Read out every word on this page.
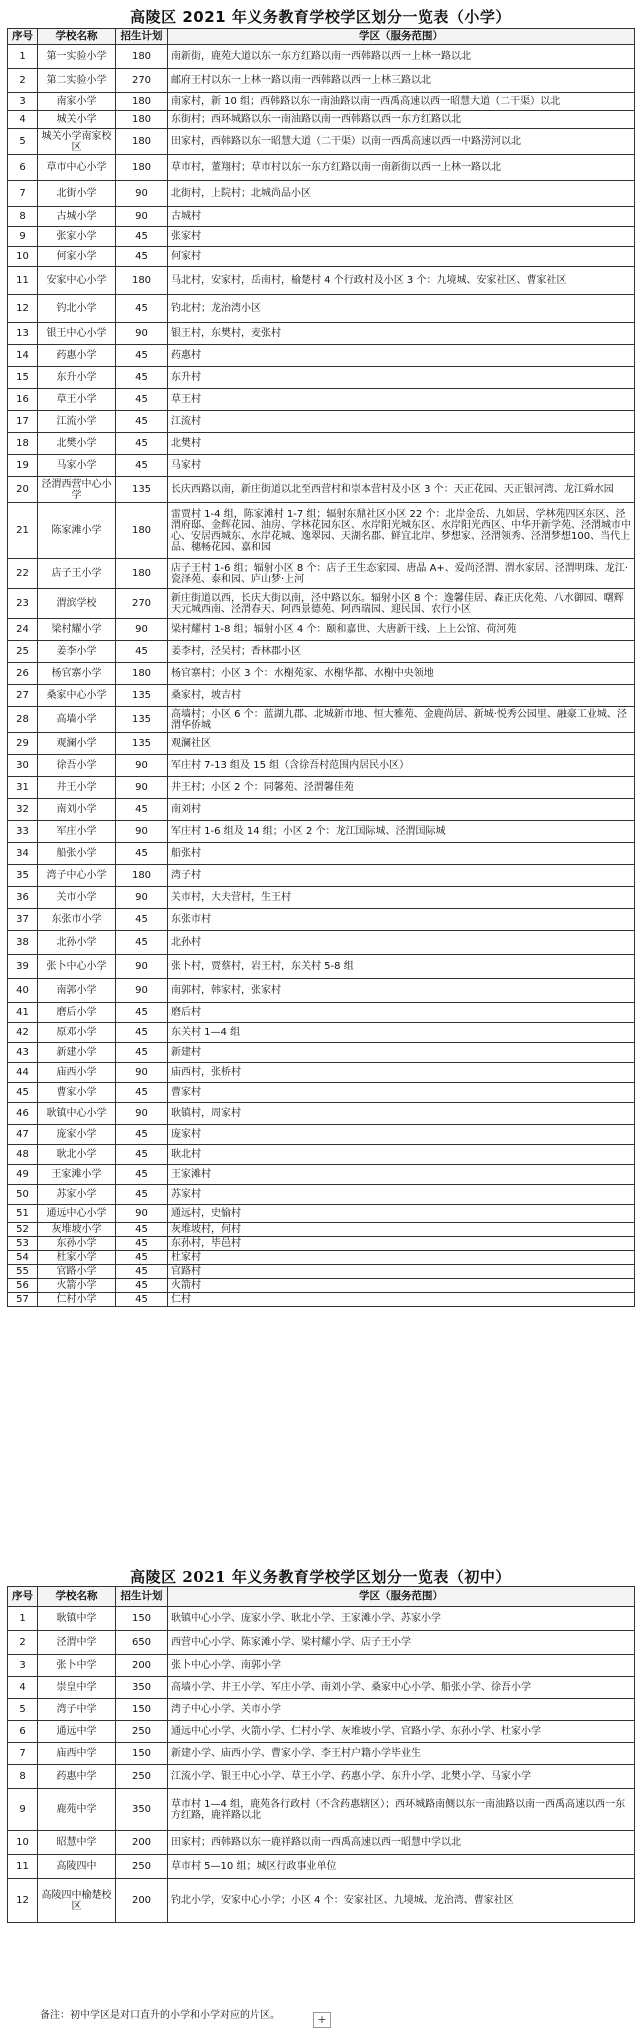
高陵区 2021 年义务教育学校学区划分一览表（小学）
序号	学校名称	招生计划	学区（服务范围）
1	第一实验小学	180	南新街，鹿苑大道以东一东方红路以南一西韩路以西一上林一路以北
2	第二实验小学	270	邮府王村以东一上林一路以南一西韩路以西一上林三路以北
3	南家小学	180	南家村，新 10 组；西韩路以东一南油路以南一西禹高速以西一昭慧大道（二干渠）以北
4	城关小学	180	东街村；西环城路以东一南油路以南一西韩路以西一东方红路以北
5	城关小学南家校区	180	田家村，西韩路以东一昭慧大道（二干渠）以南一西禹高速以西一中路涝河以北
6	草市中心小学	180	草市村，董翔村；草市村以东一东方红路以南一南新街以西一上林一路以北
7	北街小学	90	北街村，上院村；北城尚品小区
8	古城小学	90	古城村
9	张家小学	45	张家村
10	何家小学	45	何家村
11	安家中心小学	180	马北村，安家村，岳南村，榆楚村 4 个行政村及小区 3 个：九境城、安家社区、曹家社区
12	钓北小学	45	钓北村；龙治湾小区
13	银王中心小学	90	银王村，东樊村，麦张村
14	药惠小学	45	药惠村
15	东升小学	45	东升村
16	草王小学	45	草王村
17	江流小学	45	江流村
18	北樊小学	45	北樊村
19	马家小学	45	马家村
20	泾渭西营中心小学	135	长庆西路以南，新庄街道以北至西营村和崇本营村及小区 3 个：天正花园、天正银河湾、龙江舜水园
21	陈家滩小学	180	雷贾村 1-4 组，陈家滩村 1-7 组；辐射东鼎社区小区 22 个：北岸金岳、九如居、学林苑四区东区、泾渭府邸、金辉花园、油房、学林花园东区、水岸阳光城东区、水岸阳光西区、中华开新学苑、泾渭城市中心、安居西城东、水岸花城、逸翠园、天湖名郡、鲜宜北岸、梦想家、泾渭领秀、泾渭梦想100、当代上品、穗畅花园、嘉和园
22	店子王小学	180	店子王村 1-6 组；辐射小区 8 个：店子王生态家园、唐晶 A+、爱尚泾渭、渭水家居、泾渭明珠、龙江·瓷泽苑、泰和园、庐山梦·上河
23	渭滨学校	270	新庄街道以西，长庆大街以南，泾中路以东。辐射小区 8 个：逸馨佳居、森正庆化苑、八水御园、曙辉天元城西南、泾渭春天、阿西景德苑、阿西瑞园、迎民国、农行小区
24	梁村耀小学	90	梁村耀村 1-8 组；辐射小区 4 个：颐和嘉世、大唐新干线、上上公馆、荷河苑
25	姜李小学	45	姜李村，泾吴村；香林郡小区
26	杨官寨小学	180	杨官寨村；小区 3 个：水榭苑家、水榭华都、水榭中央领地
27	桑家中心小学	135	桑家村，坡吉村
28	高墙小学	135	高墙村；小区 6 个：蓝湖九郡、北城新市地、恒大雅苑、金鹿尚居、新城·悦秀公园里、融豪工业城、泾渭华侨城
29	观澜小学	135	观澜社区
30	徐吾小学	90	军庄村 7-13 组及 15 组（含徐吾村范围内居民小区）
31	井王小学	90	井王村；小区 2 个：同馨苑、泾渭馨佳苑
32	南刘小学	45	南刘村
33	军庄小学	90	军庄村 1-6 组及 14 组；小区 2 个：龙江国际城、泾渭国际城
34	船张小学	45	船张村
35	湾子中心小学	180	湾子村
36	关市小学	90	关市村，大夫营村，生王村
37	东张市小学	45	东张市村
38	北孙小学	45	北孙村
39	张卜中心小学	90	张卜村，贾蔡村，岩王村，东关村 5-8 组
40	南郭小学	90	南郭村，韩家村，张家村
41	磨后小学	45	磨后村
42	原邓小学	45	东关村 1—4 组
43	新建小学	45	新建村
44	庙西小学	90	庙西村，张桥村
45	曹家小学	45	曹家村
46	耿镇中心小学	90	耿镇村，周家村
47	庞家小学	45	庞家村
48	耿北小学	45	耿北村
49	王家滩小学	45	王家滩村
50	苏家小学	45	苏家村
51	通远中心小学	90	通远村，史愉村
52	灰堆坡小学	45	灰堆坡村，何村
53	东孙小学	45	东孙村，毕邑村
54	杜家小学	45	杜家村
55	官路小学	45	官路村
56	火箭小学	45	火箭村
57	仁村小学	45	仁村
高陵区 2021 年义务教育学校学区划分一览表（初中）
序号	学校名称	招生计划	学区（服务范围）
1	耿镇中学	150	耿镇中心小学、庞家小学、耿北小学、王家滩小学、苏家小学
2	泾渭中学	650	西营中心小学、陈家滩小学、梁村耀小学、店子王小学
3	张卜中学	200	张卜中心小学、南郭小学
4	崇皇中学	350	高墙小学、井王小学、军庄小学、南刘小学、桑家中心小学、船张小学、徐吾小学
5	湾子中学	150	湾子中心小学、关市小学
6	通远中学	250	通远中心小学、火箭小学、仁村小学、灰堆坡小学、官路小学、东孙小学、杜家小学
7	庙西中学	150	新建小学、庙西小学、曹家小学、李王村户籍小学毕业生
8	药惠中学	250	江流小学、银王中心小学、草王小学、药惠小学、东升小学、北樊小学、马家小学
9	鹿苑中学	350	草市村 1—4 组，鹿苑各行政村（不含药惠辖区）；西环城路南侧以东一南油路以南一西禹高速以西一东方红路，鹿祥路以北
10	昭慧中学	200	田家村；西韩路以东一鹿祥路以南一西禹高速以西一昭慧中学以北
11	高陵四中	250	草市村 5—10 组；城区行政事业单位
12	高陵四中榆楚校区	200	钓北小学，安家中心小学；小区 4 个：安家社区、九境城、龙治湾、曹家社区
备注：初中学区是对口直升的小学和小学对应的片区。	+
